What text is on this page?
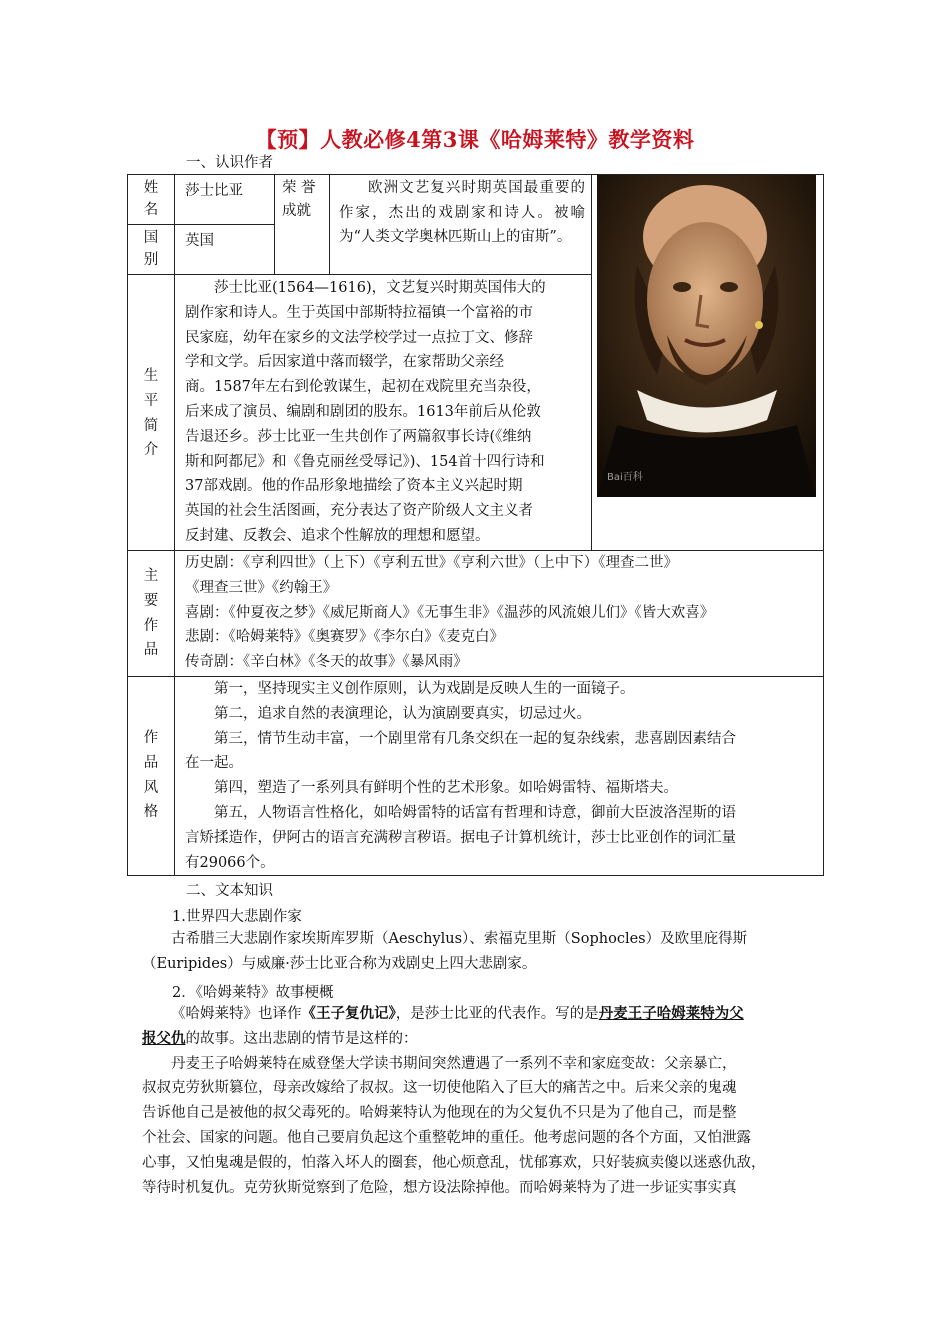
【预】人教必修4第3课《哈姆莱特》教学资料
一、认识作者
姓名
莎士比亚
国别
英国
荣 誉 成就
欧洲文艺复兴时期英国最重要的作家，杰出的戏剧家和诗人。被喻为“人类文学奥林匹斯山上的宙斯”。
Bai百科
生平简介
莎士比亚(1564—1616)，文艺复兴时期英国伟大的
剧作家和诗人。生于英国中部斯特拉福镇一个富裕的市
民家庭，幼年在家乡的文法学校学过一点拉丁文、修辞
学和文学。后因家道中落而辍学，在家帮助父亲经
商。1587年左右到伦敦谋生，起初在戏院里充当杂役，
后来成了演员、编剧和剧团的股东。1613年前后从伦敦
告退还乡。莎士比亚一生共创作了两篇叙事长诗(《维纳
斯和阿都尼》和《鲁克丽丝受辱记》)、154首十四行诗和
37部戏剧。他的作品形象地描绘了资本主义兴起时期
英国的社会生活图画，充分表达了资产阶级人文主义者
反封建、反教会、追求个性解放的理想和愿望。
主要作品
历史剧：《亨利四世》（上下）《亨利五世》《亨利六世》（上中下）《理查二世》
《理查三世》《约翰王》
喜剧：《仲夏夜之梦》《威尼斯商人》《无事生非》《温莎的风流娘儿们》《皆大欢喜》
悲剧：《哈姆莱特》《奥赛罗》《李尔白》《麦克白》
传奇剧：《辛白林》《冬天的故事》《暴风雨》
作品风格
第一，坚持现实主义创作原则，认为戏剧是反映人生的一面镜子。
第二，追求自然的表演理论，认为演剧要真实，切忌过火。
第三，情节生动丰富，一个剧里常有几条交织在一起的复杂线索，悲喜剧因素结合
在一起。
第四，塑造了一系列具有鲜明个性的艺术形象。如哈姆雷特、福斯塔夫。
第五，人物语言性格化，如哈姆雷特的话富有哲理和诗意，御前大臣波洛涅斯的语
言矫揉造作，伊阿古的语言充满秽言秽语。据电子计算机统计，莎士比亚创作的词汇量
有29066个。
二、文本知识
1.世界四大悲剧作家
古希腊三大悲剧作家埃斯库罗斯（Aeschylus）、索福克里斯（Sophocles）及欧里庇得斯
（Euripides）与威廉·莎士比亚合称为戏剧史上四大悲剧家。
2．《哈姆莱特》故事梗概
《哈姆莱特》也译作《王子复仇记》，是莎士比亚的代表作。写的是丹麦王子哈姆莱特为父
报父仇的故事。这出悲剧的情节是这样的：
丹麦王子哈姆莱特在威登堡大学读书期间突然遭遇了一系列不幸和家庭变故：父亲暴亡，
叔叔克劳狄斯篡位，母亲改嫁给了叔叔。这一切使他陷入了巨大的痛苦之中。后来父亲的鬼魂
告诉他自己是被他的叔父毒死的。哈姆莱特认为他现在的为父复仇不只是为了他自己，而是整
个社会、国家的问题。他自己要肩负起这个重整乾坤的重任。他考虑问题的各个方面，又怕泄露
心事，又怕鬼魂是假的，怕落入坏人的圈套，他心烦意乱，忧郁寡欢，只好装疯卖傻以迷惑仇敌，
等待时机复仇。克劳狄斯觉察到了危险，想方设法除掉他。而哈姆莱特为了进一步证实事实真
